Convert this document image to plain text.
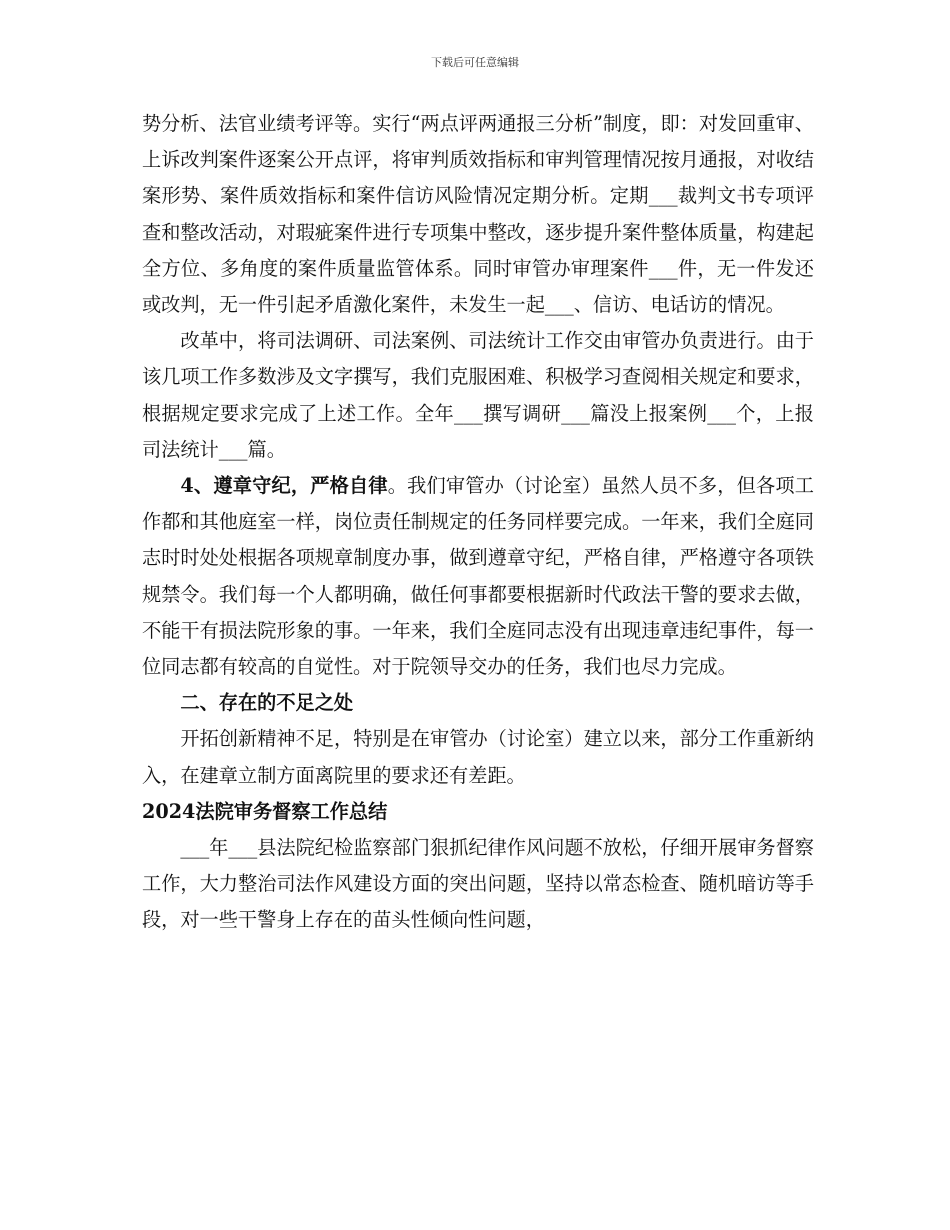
下载后可任意编辑

势分析、法官业绩考评等。实行“两点评两通报三分析”制度，即：对发回重审、上诉改判案件逐案公开点评，将审判质效指标和审判管理情况按月通报，对收结案形势、案件质效指标和案件信访风险情况定期分析。定期___裁判文书专项评查和整改活动，对瑕疵案件进行专项集中整改，逐步提升案件整体质量，构建起全方位、多角度的案件质量监管体系。同时审管办审理案件___件，无一件发还或改判，无一件引起矛盾激化案件，未发生一起___、信访、电话访的情况。

改革中，将司法调研、司法案例、司法统计工作交由审管办负责进行。由于该几项工作多数涉及文字撰写，我们克服困难、积极学习查阅相关规定和要求，根据规定要求完成了上述工作。全年___撰写调研___篇没上报案例___个，上报司法统计___篇。

4、遵章守纪，严格自律。我们审管办（讨论室）虽然人员不多，但各项工作都和其他庭室一样，岗位责任制规定的任务同样要完成。一年来，我们全庭同志时时处处根据各项规章制度办事，做到遵章守纪，严格自律，严格遵守各项铁规禁令。我们每一个人都明确，做任何事都要根据新时代政法干警的要求去做，不能干有损法院形象的事。一年来，我们全庭同志没有出现违章违纪事件，每一位同志都有较高的自觉性。对于院领导交办的任务，我们也尽力完成。

二、存在的不足之处

开拓创新精神不足，特别是在审管办（讨论室）建立以来，部分工作重新纳入，在建章立制方面离院里的要求还有差距。

2024法院审务督察工作总结

___年___县法院纪检监察部门狠抓纪律作风问题不放松，仔细开展审务督察工作，大力整治司法作风建设方面的突出问题，坚持以常态检查、随机暗访等手段，对一些干警身上存在的苗头性倾向性问题，
